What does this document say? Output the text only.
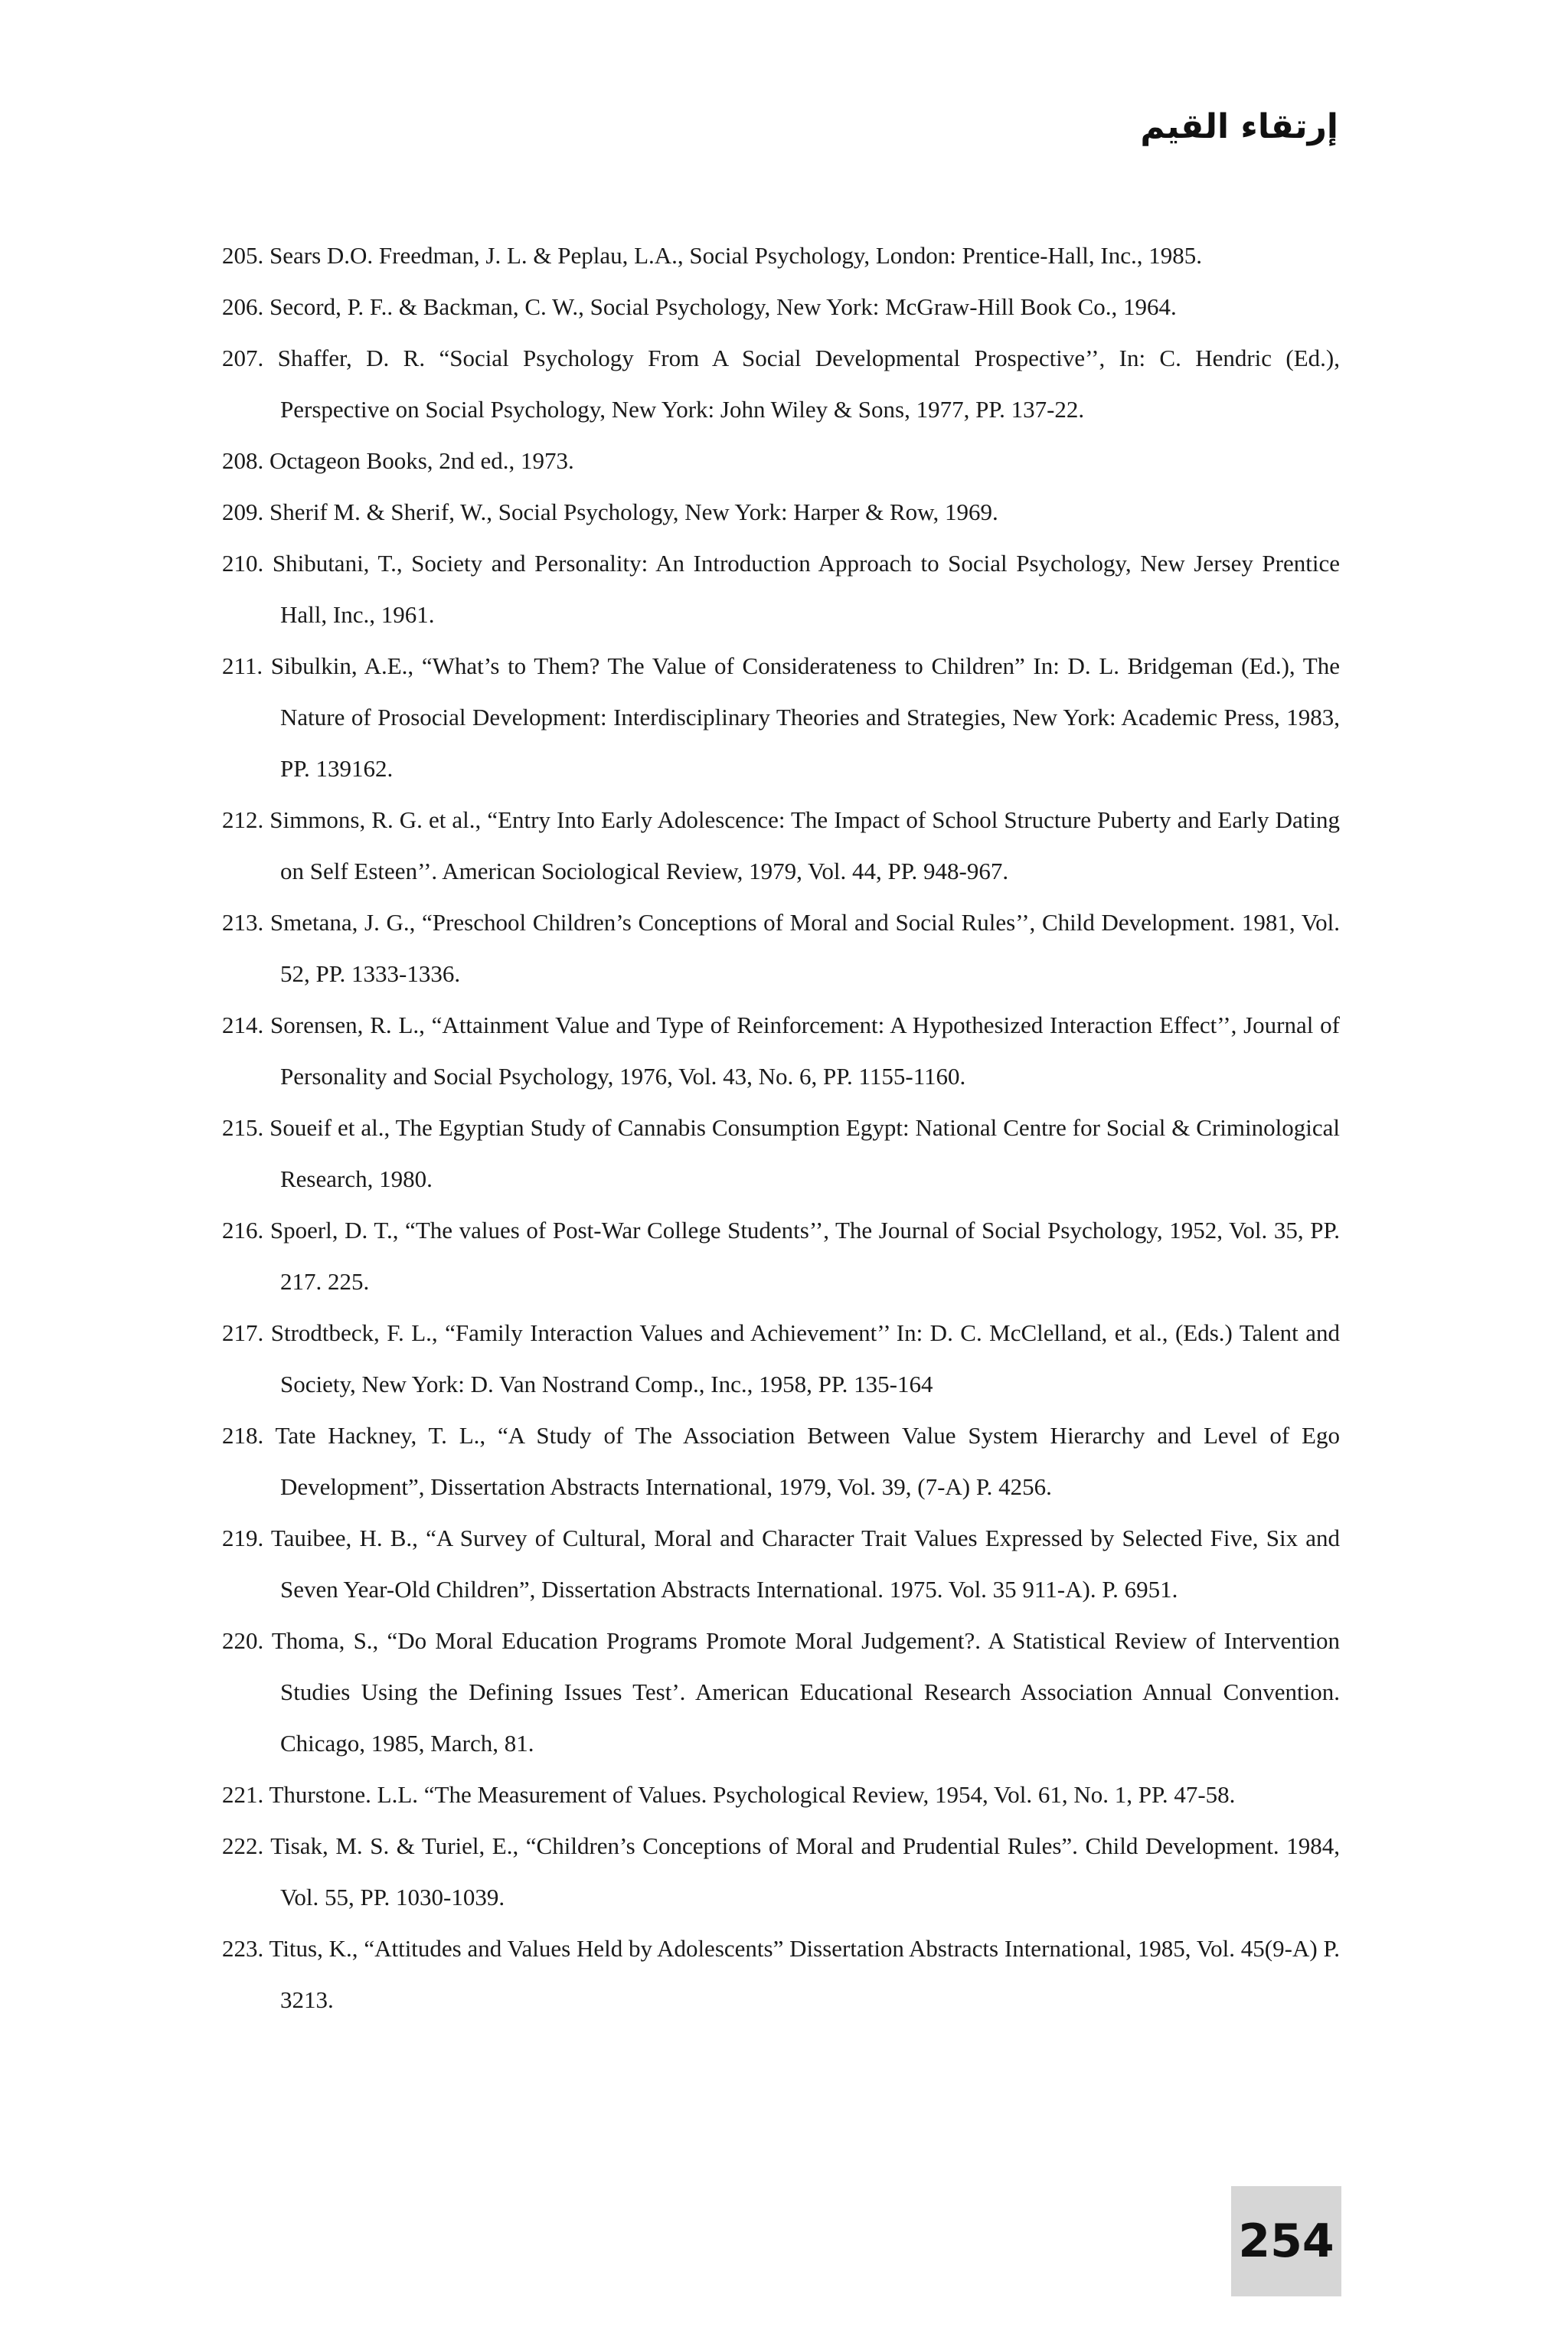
إرتقاء القيم
205. Sears D.O. Freedman, J. L. & Peplau, L.A., Social Psychology, London: Prentice-Hall, Inc., 1985.
206. Secord, P. F.. & Backman, C. W., Social Psychology, New York: McGraw-Hill Book Co., 1964.
207. Shaffer, D. R. “Social Psychology From A Social Developmental Prospective’’, In: C. Hendric (Ed.), Perspective on Social Psychology, New York: John Wiley & Sons, 1977, PP. 137-22.
208. Octageon Books, 2nd ed., 1973.
209. Sherif M. & Sherif, W., Social Psychology, New York: Harper & Row, 1969.
210. Shibutani, T., Society and Personality: An Introduction Approach to Social Psychology, New Jersey Prentice Hall, Inc., 1961.
211. Sibulkin, A.E., “What’s to Them? The Value of Considerateness to Children” In: D. L. Bridgeman (Ed.), The Nature of Prosocial Development: Interdisciplinary Theories and Strategies, New York: Academic Press, 1983, PP. 139162.
212. Simmons, R. G. et al., “Entry Into Early Adolescence: The Impact of School Structure Puberty and Early Dating on Self Esteen’’. American Sociological Review, 1979, Vol. 44, PP. 948-967.
213. Smetana, J. G., “Preschool Children’s Conceptions of Moral and Social Rules’’, Child Development. 1981, Vol. 52, PP. 1333-1336.
214. Sorensen, R. L., “Attainment Value and Type of Reinforcement: A Hypothesized Interaction Effect’’, Journal of Personality and Social Psychology, 1976, Vol. 43, No. 6, PP. 1155-1160.
215. Soueif et al., The Egyptian Study of Cannabis Consumption Egypt: National Centre for Social & Criminological Research, 1980.
216. Spoerl, D. T., “The values of Post-War College Students’’, The Journal of Social Psychology, 1952, Vol. 35, PP. 217. 225.
217. Strodtbeck, F. L., “Family Interaction Values and Achievement’’ In: D. C. McClelland, et al., (Eds.) Talent and Society, New York: D. Van Nostrand Comp., Inc., 1958, PP. 135-164
218. Tate Hackney, T. L., “A Study of The Association Between Value System Hierarchy and Level of Ego Development”, Dissertation Abstracts International, 1979, Vol. 39, (7-A) P. 4256.
219. Tauibee, H. B., “A Survey of Cultural, Moral and Character Trait Values Expressed by Selected Five, Six and Seven Year-Old Children”, Dissertation Abstracts International. 1975. Vol. 35 911-A). P. 6951.
220. Thoma, S., “Do Moral Education Programs Promote Moral Judgement?. A Statistical Review of Intervention Studies Using the Defining Issues Test’. American Educational Research Association Annual Convention. Chicago, 1985, March, 81.
221. Thurstone. L.L. “The Measurement of Values. Psychological Review, 1954, Vol. 61, No. 1, PP. 47-58.
222. Tisak, M. S. & Turiel, E., “Children’s Conceptions of Moral and Prudential Rules”. Child Development. 1984, Vol. 55, PP. 1030-1039.
223. Titus, K., “Attitudes and Values Held by Adolescents” Dissertation Abstracts International, 1985, Vol. 45(9-A) P. 3213.
254
